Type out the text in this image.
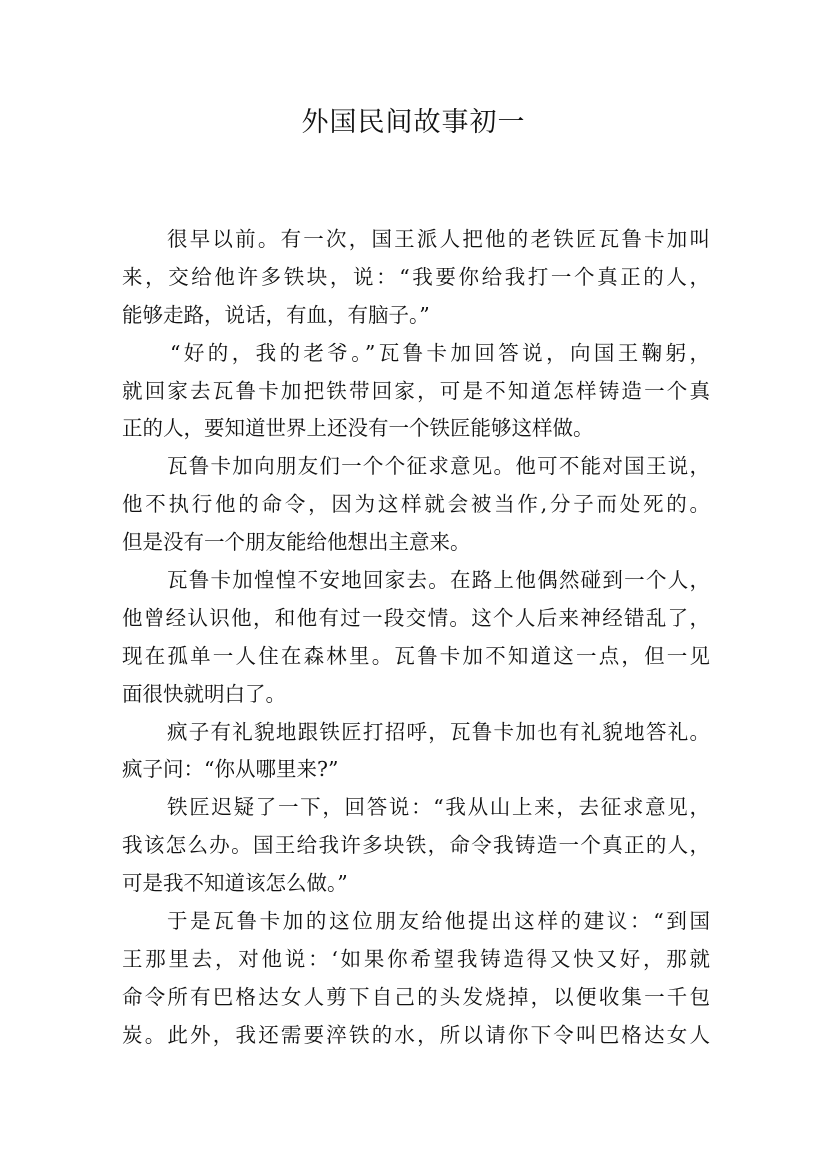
外国民间故事初一
很早以前。有一次，国王派人把他的老铁匠瓦鲁卡加叫
来，交给他许多铁块，说：“我要你给我打一个真正的人，
能够走路，说话，有血，有脑子。”
“好的，我的老爷。”瓦鲁卡加回答说，向国王鞠躬，
就回家去瓦鲁卡加把铁带回家，可是不知道怎样铸造一个真
正的人，要知道世界上还没有一个铁匠能够这样做。
瓦鲁卡加向朋友们一个个征求意见。他可不能对国王说，
他不执行他的命令，因为这样就会被当作,分子而处死的。
但是没有一个朋友能给他想出主意来。
瓦鲁卡加惶惶不安地回家去。在路上他偶然碰到一个人，
他曾经认识他，和他有过一段交情。这个人后来神经错乱了，
现在孤单一人住在森林里。瓦鲁卡加不知道这一点，但一见
面很快就明白了。
疯子有礼貌地跟铁匠打招呼，瓦鲁卡加也有礼貌地答礼。
疯子问：“你从哪里来?”
铁匠迟疑了一下，回答说：“我从山上来，去征求意见，
我该怎么办。国王给我许多块铁，命令我铸造一个真正的人，
可是我不知道该怎么做。”
于是瓦鲁卡加的这位朋友给他提出这样的建议：“到国
王那里去，对他说：‘如果你希望我铸造得又快又好，那就
命令所有巴格达女人剪下自己的头发烧掉，以便收集一千包
炭。此外，我还需要淬铁的水，所以请你下令叫巴格达女人
